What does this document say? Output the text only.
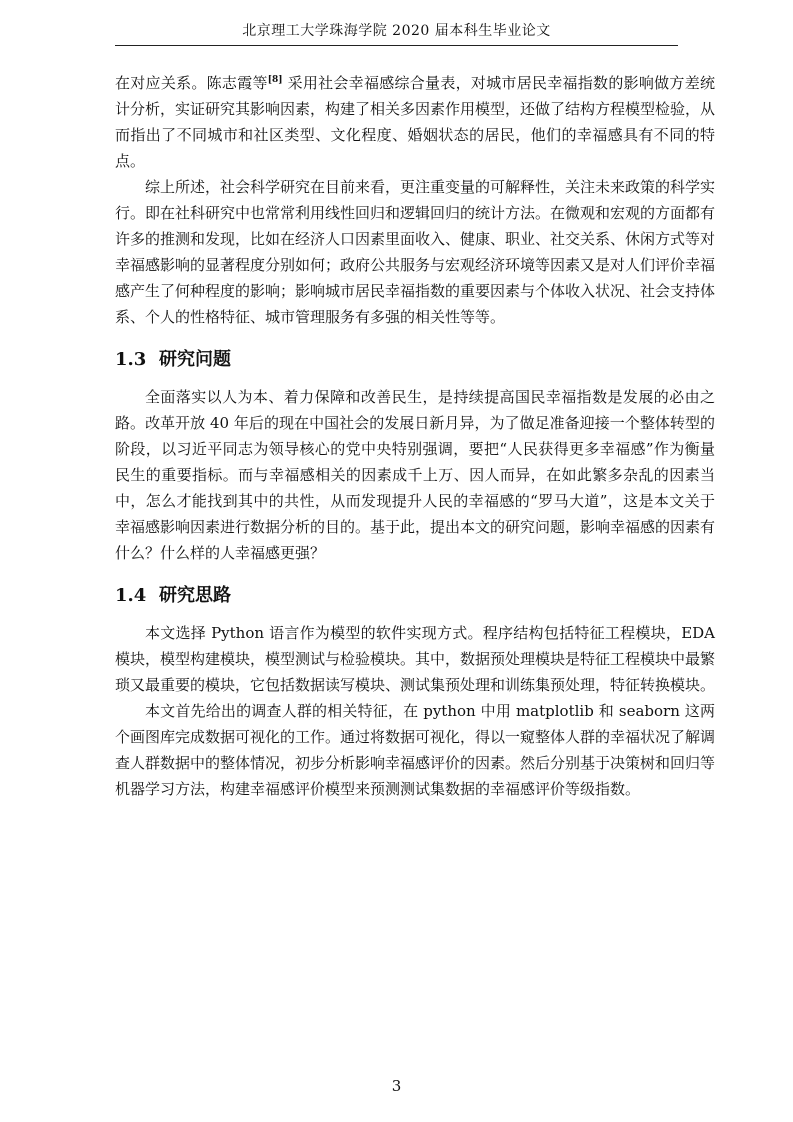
北京理工大学珠海学院 2020 届本科生毕业论文

在对应关系。陈志霞等[8] 采用社会幸福感综合量表，对城市居民幸福指数的影响做方差统计分析，实证研究其影响因素，构建了相关多因素作用模型，还做了结构方程模型检验，从而指出了不同城市和社区类型、文化程度、婚姻状态的居民，他们的幸福感具有不同的特点。

综上所述，社会科学研究在目前来看，更注重变量的可解释性，关注未来政策的科学实行。即在社科研究中也常常利用线性回归和逻辑回归的统计方法。在微观和宏观的方面都有许多的推测和发现，比如在经济人口因素里面收入、健康、职业、社交关系、休闲方式等对幸福感影响的显著程度分别如何；政府公共服务与宏观经济环境等因素又是对人们评价幸福感产生了何种程度的影响；影响城市居民幸福指数的重要因素与个体收入状况、社会支持体系、个人的性格特征、城市管理服务有多强的相关性等等。

1.3 研究问题

全面落实以人为本、着力保障和改善民生，是持续提高国民幸福指数是发展的必由之路。改革开放 40 年后的现在中国社会的发展日新月异，为了做足准备迎接一个整体转型的阶段，以习近平同志为领导核心的党中央特别强调，要把“人民获得更多幸福感”作为衡量民生的重要指标。而与幸福感相关的因素成千上万、因人而异，在如此繁多杂乱的因素当中，怎么才能找到其中的共性，从而发现提升人民的幸福感的“罗马大道”，这是本文关于幸福感影响因素进行数据分析的目的。基于此，提出本文的研究问题，影响幸福感的因素有什么？什么样的人幸福感更强？

1.4 研究思路

本文选择 Python 语言作为模型的软件实现方式。程序结构包括特征工程模块，EDA 模块，模型构建模块，模型测试与检验模块。其中，数据预处理模块是特征工程模块中最繁琐又最重要的模块，它包括数据读写模块、测试集预处理和训练集预处理，特征转换模块。

本文首先给出的调查人群的相关特征，在 python 中用 matplotlib 和 seaborn 这两个画图库完成数据可视化的工作。通过将数据可视化，得以一窥整体人群的幸福状况了解调查人群数据中的整体情况，初步分析影响幸福感评价的因素。然后分别基于决策树和回归等机器学习方法，构建幸福感评价模型来预测测试集数据的幸福感评价等级指数。

3
